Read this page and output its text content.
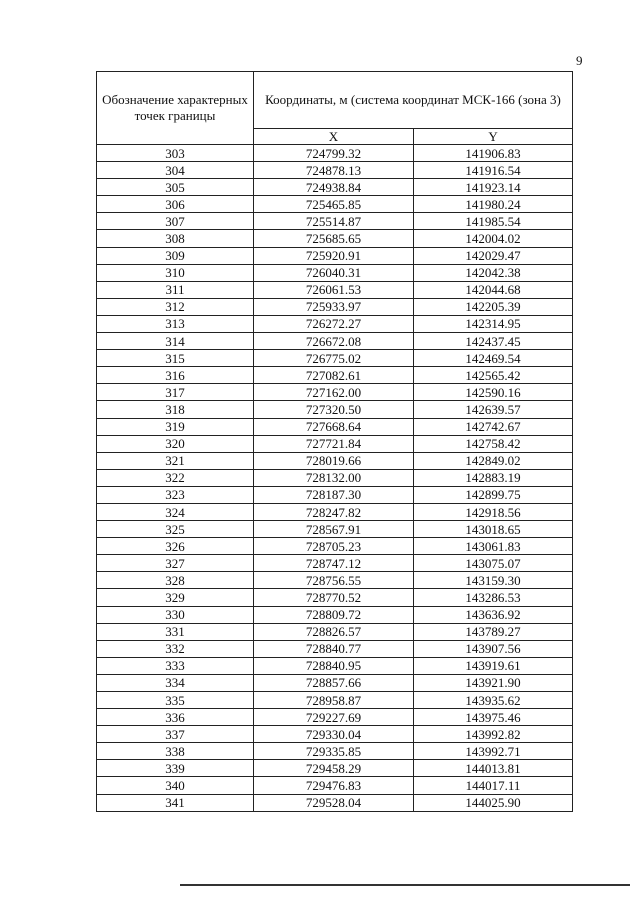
9
Обозначение характерных точек границы	Координаты, м (система координат МСК-166 (зона 3)	
	X	Y
303	724799.32	141906.83
304	724878.13	141916.54
305	724938.84	141923.14
306	725465.85	141980.24
307	725514.87	141985.54
308	725685.65	142004.02
309	725920.91	142029.47
310	726040.31	142042.38
311	726061.53	142044.68
312	725933.97	142205.39
313	726272.27	142314.95
314	726672.08	142437.45
315	726775.02	142469.54
316	727082.61	142565.42
317	727162.00	142590.16
318	727320.50	142639.57
319	727668.64	142742.67
320	727721.84	142758.42
321	728019.66	142849.02
322	728132.00	142883.19
323	728187.30	142899.75
324	728247.82	142918.56
325	728567.91	143018.65
326	728705.23	143061.83
327	728747.12	143075.07
328	728756.55	143159.30
329	728770.52	143286.53
330	728809.72	143636.92
331	728826.57	143789.27
332	728840.77	143907.56
333	728840.95	143919.61
334	728857.66	143921.90
335	728958.87	143935.62
336	729227.69	143975.46
337	729330.04	143992.82
338	729335.85	143992.71
339	729458.29	144013.81
340	729476.83	144017.11
341	729528.04	144025.90
